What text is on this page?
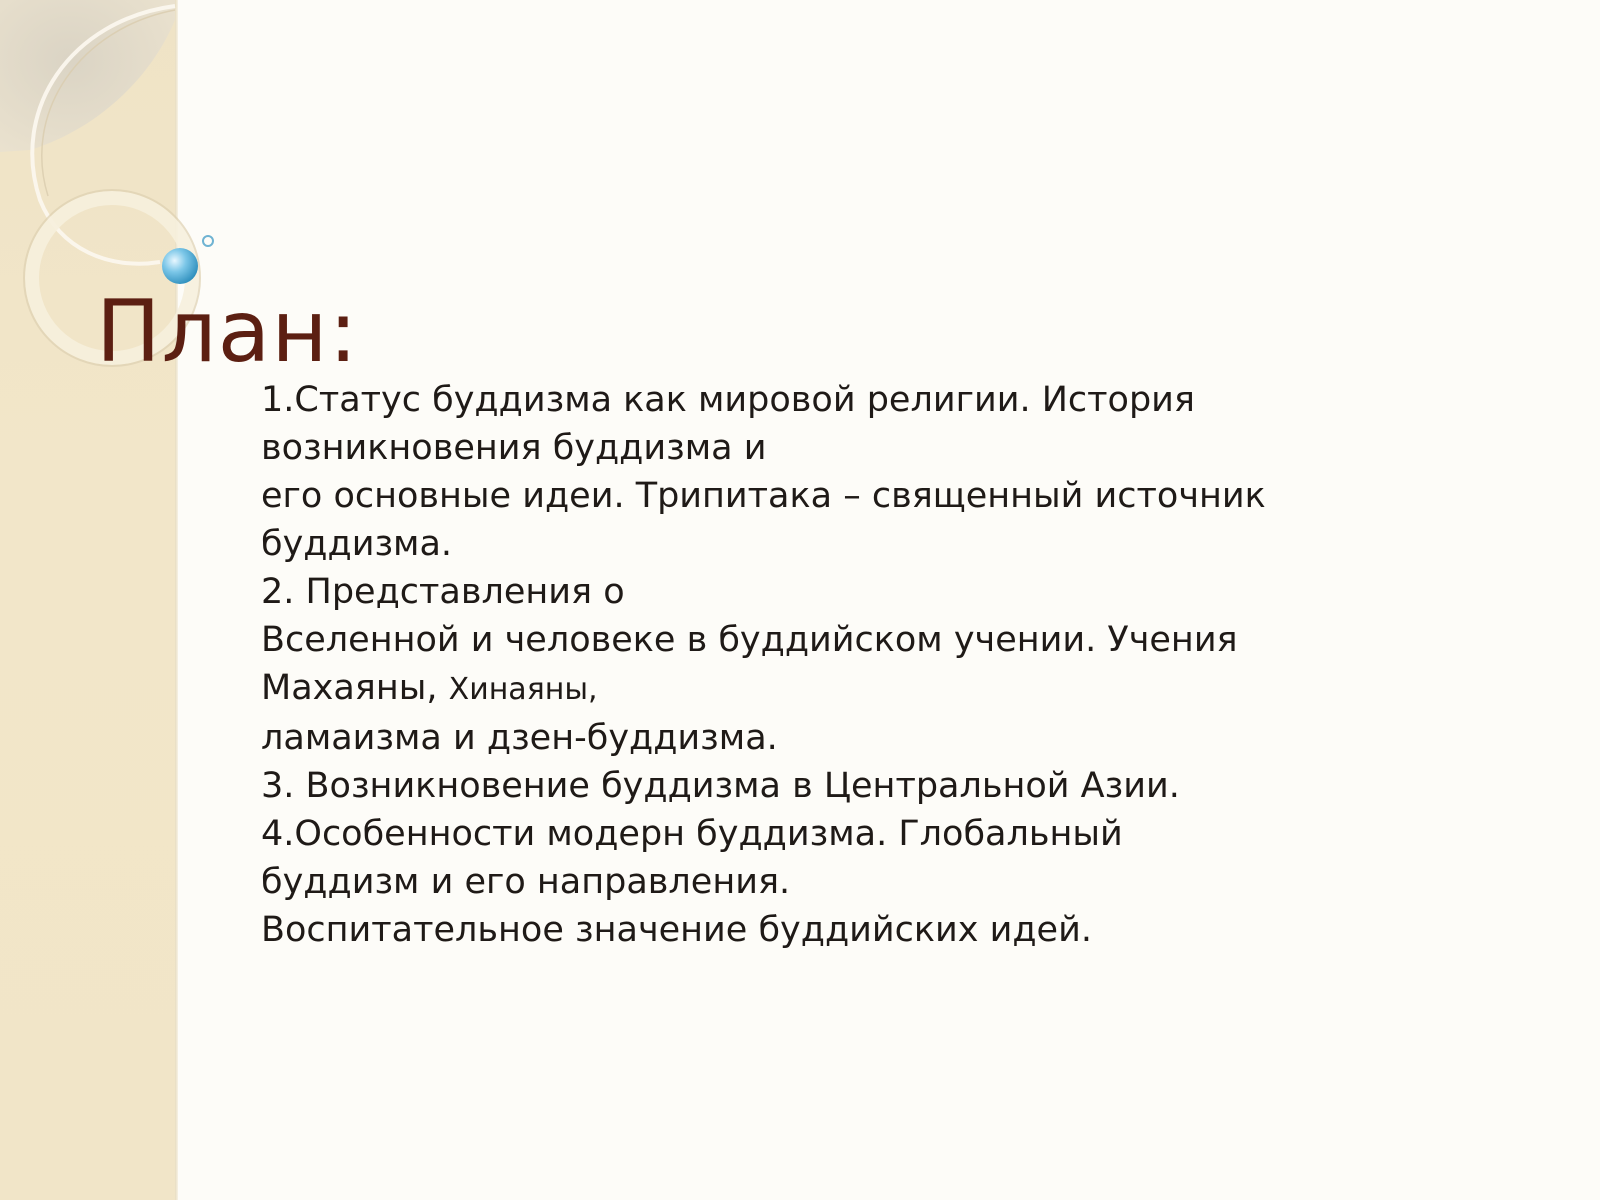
План:
1.Статус буддизма как мировой религии. История
возникновения буддизма и
его основные идеи. Трипитака – священный источник
буддизма.
2. Представления о
Вселенной и человеке в буддийском учении. Учения
Махаяны, Хинаяны,
ламаизма и дзен-буддизма.
3. Возникновение буддизма в Центральной Азии.
4.Особенности модерн буддизма. Глобальный
буддизм и его направления.
Воспитательное значение буддийских идей.
